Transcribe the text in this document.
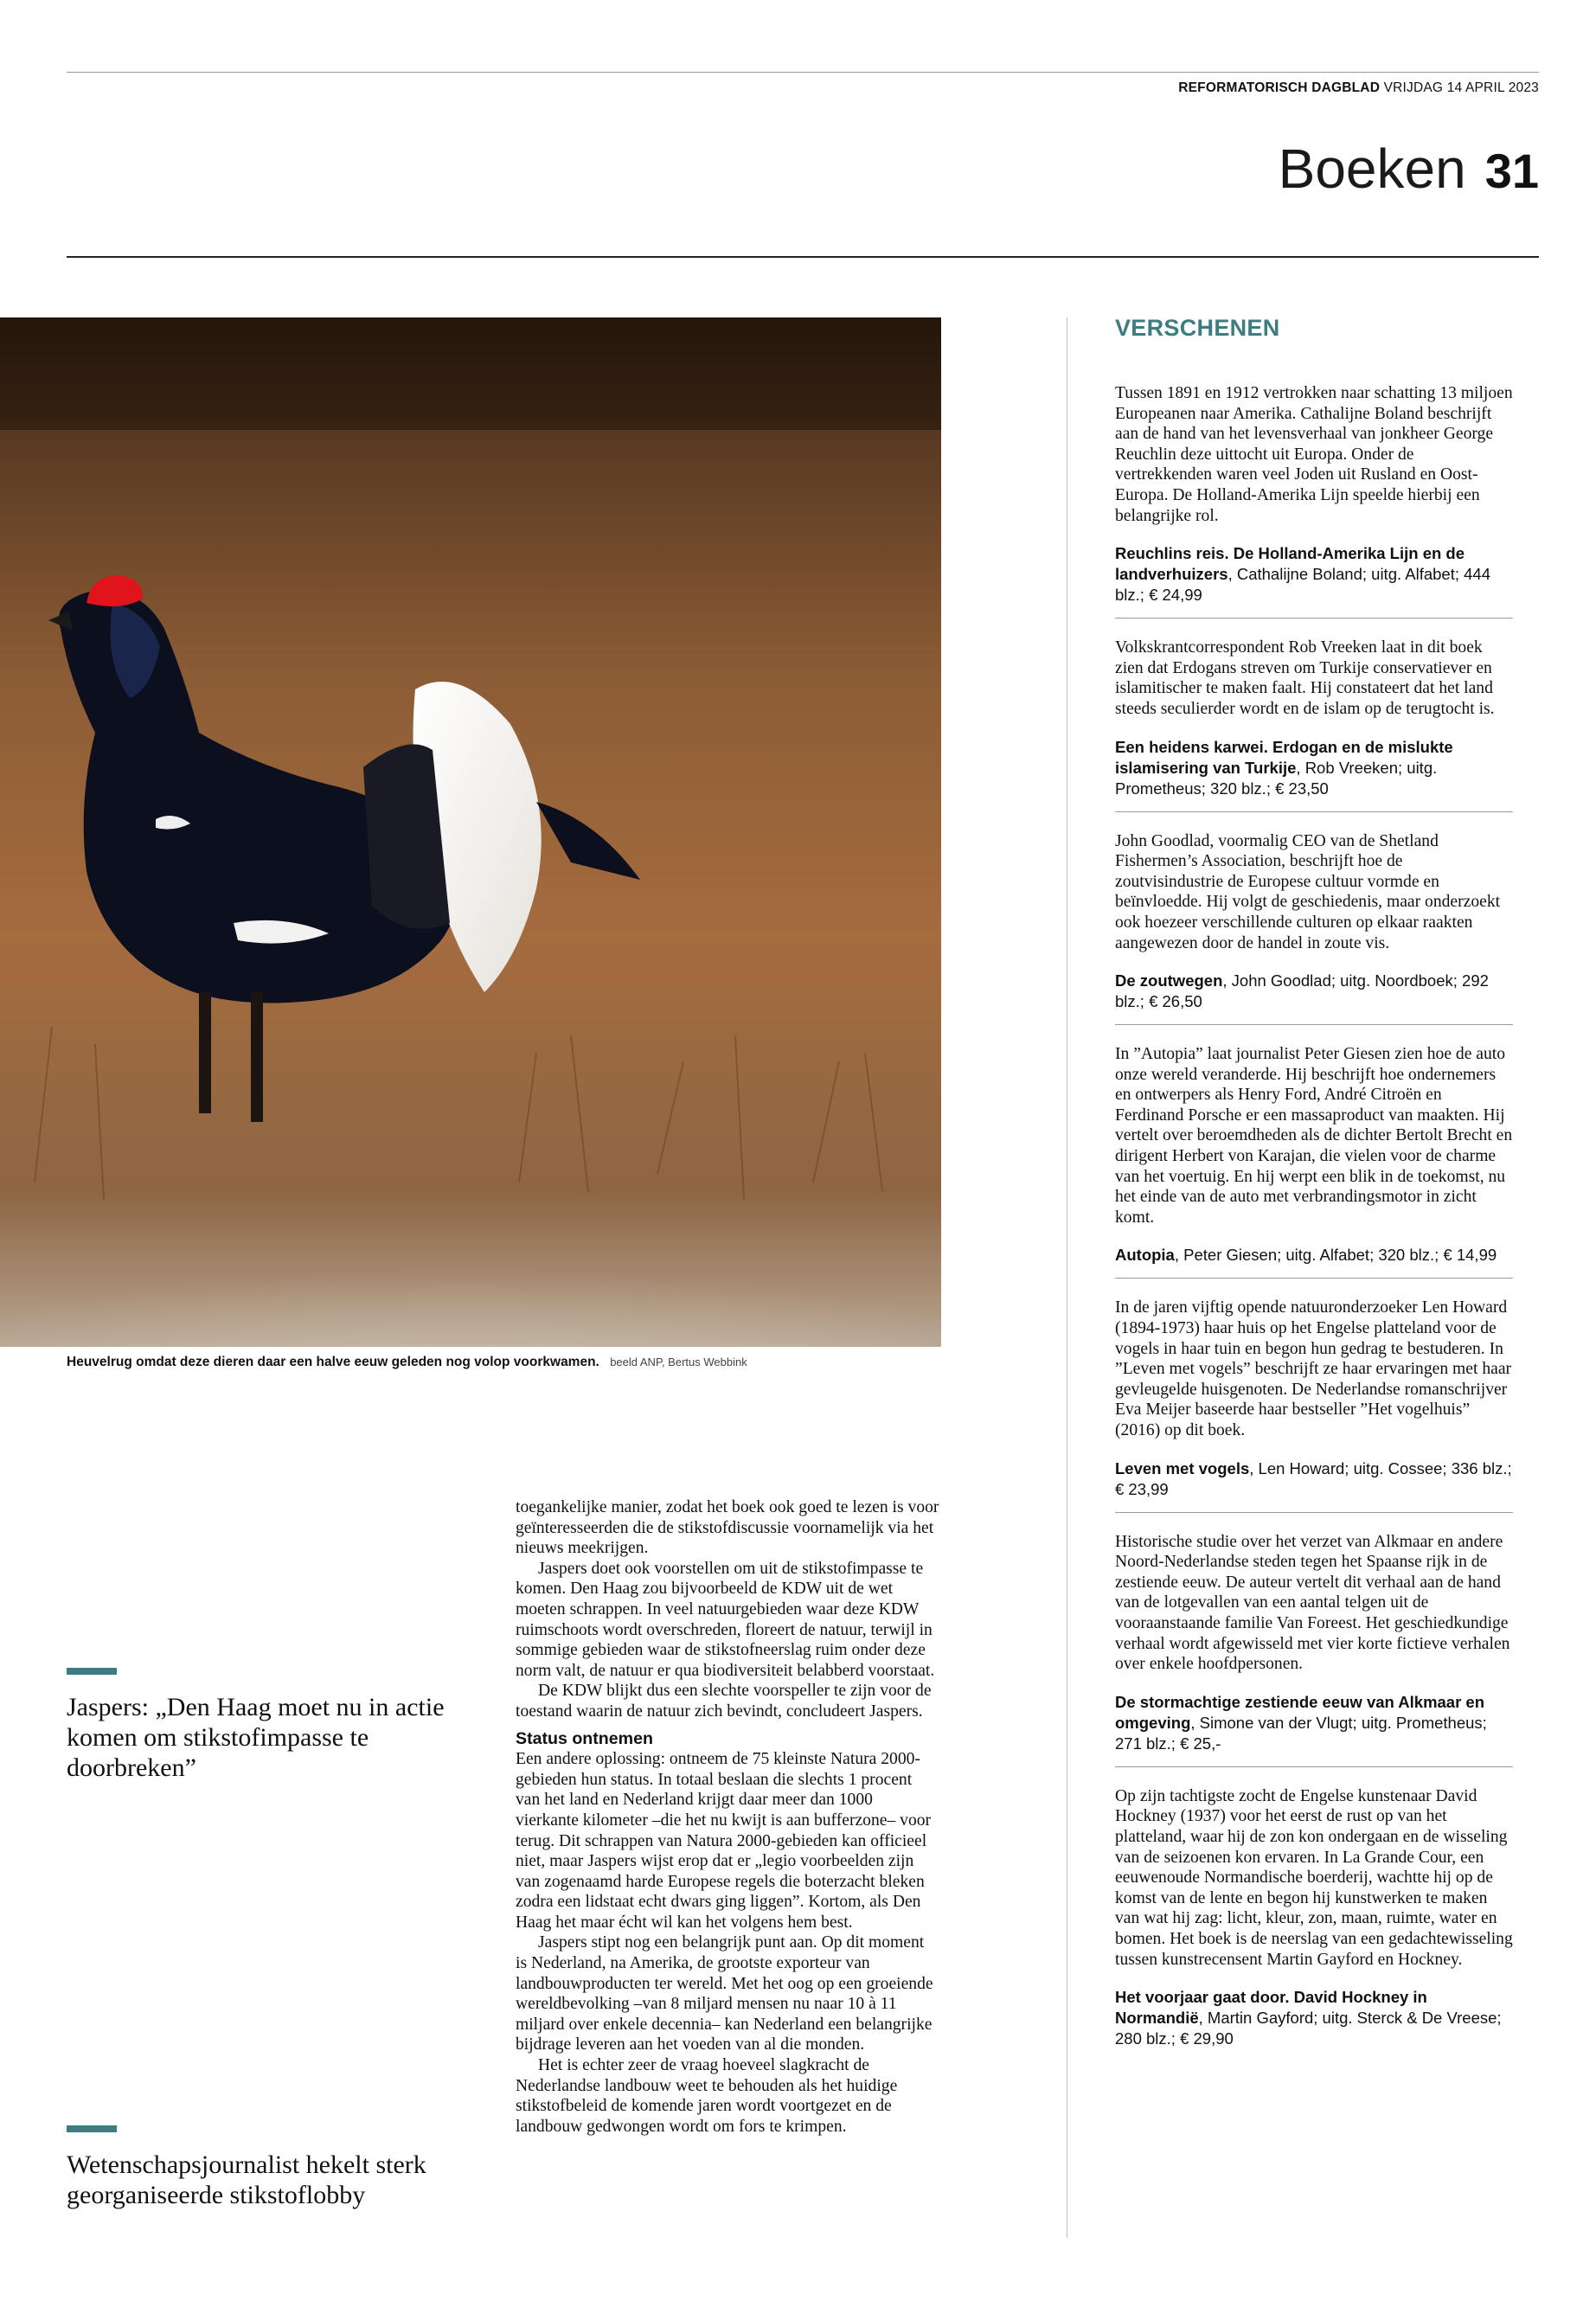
REFORMATORISCH DAGBLAD VRIJDAG 14 APRIL 2023
Boeken 31
Heuvelrug omdat deze dieren daar een halve eeuw geleden nog volop voorkwamen. beeld ANP, Bertus Webbink
VERSCHENEN

Tussen 1891 en 1912 vertrokken naar schatting 13 miljoen Europeanen naar Amerika. Cathalijne Boland beschrijft aan de hand van het levensverhaal van jonkheer George Reuchlin deze uittocht uit Europa. Onder de vertrekkenden waren veel Joden uit Rusland en Oost-Europa. De Holland-Amerika Lijn speelde hierbij een belangrijke rol.

Reuchlins reis. De Holland-Amerika Lijn en de landverhuizers, Cathalijne Boland; uitg. Alfabet; 444 blz.; € 24,99

Volkskrantcorrespondent Rob Vreeken laat in dit boek zien dat Erdogans streven om Turkije conservatiever en islamitischer te maken faalt. Hij constateert dat het land steeds seculierder wordt en de islam op de terugtocht is.

Een heidens karwei. Erdogan en de mislukte islamisering van Turkije, Rob Vreeken; uitg. Prometheus; 320 blz.; € 23,50

John Goodlad, voormalig CEO van de Shetland Fishermen’s Association, beschrijft hoe de zoutvisindustrie de Europese cultuur vormde en beïnvloedde. Hij volgt de geschiedenis, maar onderzoekt ook hoezeer verschillende culturen op elkaar raakten aangewezen door de handel in zoute vis.

De zoutwegen, John Goodlad; uitg. Noordboek; 292 blz.; € 26,50

In ”Autopia” laat journalist Peter Giesen zien hoe de auto onze wereld veranderde. Hij beschrijft hoe ondernemers en ontwerpers als Henry Ford, André Citroën en Ferdinand Porsche er een massaproduct van maakten. Hij vertelt over beroemdheden als de dichter Bertolt Brecht en dirigent Herbert von Karajan, die vielen voor de charme van het voertuig. En hij werpt een blik in de toekomst, nu het einde van de auto met verbrandingsmotor in zicht komt.

Autopia, Peter Giesen; uitg. Alfabet; 320 blz.; € 14,99

In de jaren vijftig opende natuuronderzoeker Len Howard (1894-1973) haar huis op het Engelse platteland voor de vogels in haar tuin en begon hun gedrag te bestuderen. In ”Leven met vogels” beschrijft ze haar ervaringen met haar gevleugelde huisgenoten. De Nederlandse romanschrijver Eva Meijer baseerde haar bestseller ”Het vogelhuis” (2016) op dit boek.

Leven met vogels, Len Howard; uitg. Cossee; 336 blz.; € 23,99

Historische studie over het verzet van Alkmaar en andere Noord-Nederlandse steden tegen het Spaanse rijk in de zestiende eeuw. De auteur vertelt dit verhaal aan de hand van de lotgevallen van een aantal telgen uit de vooraanstaande familie Van Foreest. Het geschiedkundige verhaal wordt afgewisseld met vier korte fictieve verhalen over enkele hoofdpersonen.

De stormachtige zestiende eeuw van Alkmaar en omgeving, Simone van der Vlugt; uitg. Prometheus; 271 blz.; € 25,-

Op zijn tachtigste zocht de Engelse kunstenaar David Hockney (1937) voor het eerst de rust op van het platteland, waar hij de zon kon ondergaan en de wisseling van de seizoenen kon ervaren. In La Grande Cour, een eeuwenoude Normandische boerderij, wachtte hij op de komst van de lente en begon hij kunstwerken te maken van wat hij zag: licht, kleur, zon, maan, ruimte, water en bomen. Het boek is de neerslag van een gedachtewisseling tussen kunstrecensent Martin Gayford en Hockney.

Het voorjaar gaat door. David Hockney in Normandië, Martin Gayford; uitg. Sterck & De Vreese; 280 blz.; € 29,90

Jaspers: „Den Haag moet nu in actie komen om stikstofimpasse te doorbreken”
Wetenschapsjournalist hekelt sterk georganiseerde stikstoflobby

toegankelijke manier, zodat het boek ook goed te lezen is voor geïnteresseerden die de stikstofdiscussie voornamelijk via het nieuws meekrijgen.

Jaspers doet ook voorstellen om uit de stikstofimpasse te komen. Den Haag zou bijvoorbeeld de KDW uit de wet moeten schrappen. In veel natuurgebieden waar deze KDW ruimschoots wordt overschreden, floreert de natuur, terwijl in sommige gebieden waar de stikstofneerslag ruim onder deze norm valt, de natuur er qua biodiversiteit belabberd voorstaat.

De KDW blijkt dus een slechte voorspeller te zijn voor de toestand waarin de natuur zich bevindt, concludeert Jaspers.

Status ontnemen

Een andere oplossing: ontneem de 75 kleinste Natura 2000-gebieden hun status. In totaal beslaan die slechts 1 procent van het land en Nederland krijgt daar meer dan 1000 vierkante kilometer –die het nu kwijt is aan bufferzone– voor terug. Dit schrappen van Natura 2000-gebieden kan officieel niet, maar Jaspers wijst erop dat er „legio voorbeelden zijn van zogenaamd harde Europese regels die boterzacht bleken zodra een lidstaat echt dwars ging liggen”. Kortom, als Den Haag het maar écht wil kan het volgens hem best.

Jaspers stipt nog een belangrijk punt aan. Op dit moment is Nederland, na Amerika, de grootste exporteur van landbouwproducten ter wereld. Met het oog op een groeiende wereldbevolking –van 8 miljard mensen nu naar 10 à 11 miljard over enkele decennia– kan Nederland een belangrijke bijdrage leveren aan het voeden van al die monden.

Het is echter zeer de vraag hoeveel slagkracht de Nederlandse landbouw weet te behouden als het huidige stikstofbeleid de komende jaren wordt voortgezet en de landbouw gedwongen wordt om fors te krimpen.
